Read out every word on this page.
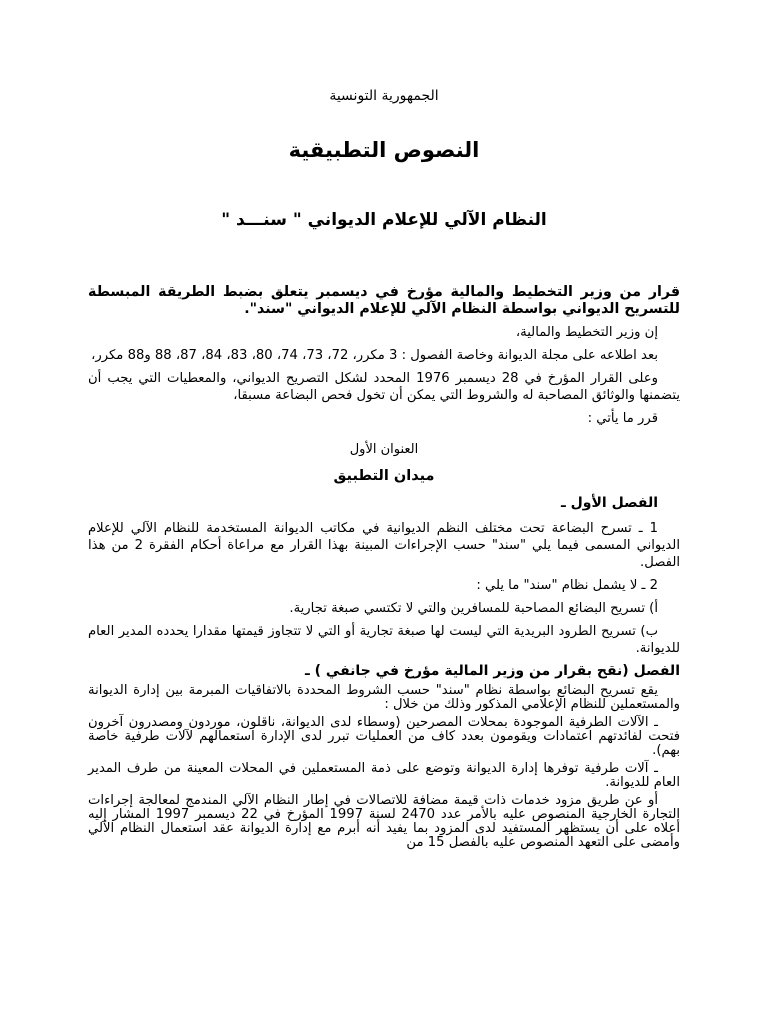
الجمهورية التونسية
النصوص التطبيقية
النظام الآلي للإعلام الديواني " سنـــد "

قرار من وزير التخطيط والمالية مؤرخ في ديسمبر يتعلق بضبط الطريقة المبسطة للتسريح الديواني بواسطة النظام الآلي للإعلام الديواني "سند".

إن وزير التخطيط والمالية،

بعد اطلاعه على مجلة الديوانة وخاصة الفصول : 3 مكرر، 72، 73، 74، 80، 83، 84، 87، 88 و88 مكرر،

وعلى القرار المؤرخ في 28 ديسمبر 1976 المحدد لشكل التصريح الديواني، والمعطيات التي يجب أن يتضمنها والوثائق المصاحبة له والشروط التي يمكن أن تخول فحص البضاعة مسبقا،

قرر ما يأتي :

العنوان الأول
ميدان التطبيق
الفصل الأول ـ

1 ـ تسرح البضاعة تحت مختلف النظم الديوانية في مكاتب الديوانة المستخدمة للنظام الآلي للإعلام الديواني المسمى فيما يلي "سند" حسب الإجراءات المبينة بهذا القرار مع مراعاة أحكام الفقرة 2 من هذا الفصل.

2 ـ لا يشمل نظام "سند" ما يلي :

أ) تسريح البضائع المصاحبة للمسافرين والتي لا تكتسي صبغة تجارية.

ب) تسريح الطرود البريدية التي ليست لها صبغة تجارية أو التي لا تتجاوز قيمتها مقدارا يحدده المدير العام للديوانة.

الفصل (نقح بقرار من وزير المالية مؤرخ في جانفي ) ـ

يقع تسريح البضائع بواسطة نظام "سند" حسب الشروط المحددة بالاتفاقيات المبرمة بين إدارة الديوانة والمستعملين للنظام الإعلامي المذكور وذلك من خلال :

ـ الآلات الطرفية الموجودة بمحلات المصرحين (وسطاء لدى الديوانة، ناقلون، موردون ومصدرون آخرون فتحت لفائدتهم اعتمادات ويقومون بعدد كاف من العمليات تبرر لدى الإدارة استعمالهم لآلات طرفية خاصة بهم).

ـ آلات طرفية توفرها إدارة الديوانة وتوضع على ذمة المستعملين في المحلات المعينة من طرف المدير العام للديوانة.

أو عن طريق مزود خدمات ذات قيمة مضافة للاتصالات في إطار النظام الآلي المندمج لمعالجة إجراءات التجارة الخارجية المنصوص عليه بالأمر عدد 2470 لسنة 1997 المؤرخ في 22 ديسمبر 1997 المشار إليه أعلاه على أن يستظهر المستفيد لدى المزود بما يفيد أنه أبرم مع إدارة الديوانة عقد استعمال النظام الآلي وأمضى على التعهد المنصوص عليه بالفصل 15 من
